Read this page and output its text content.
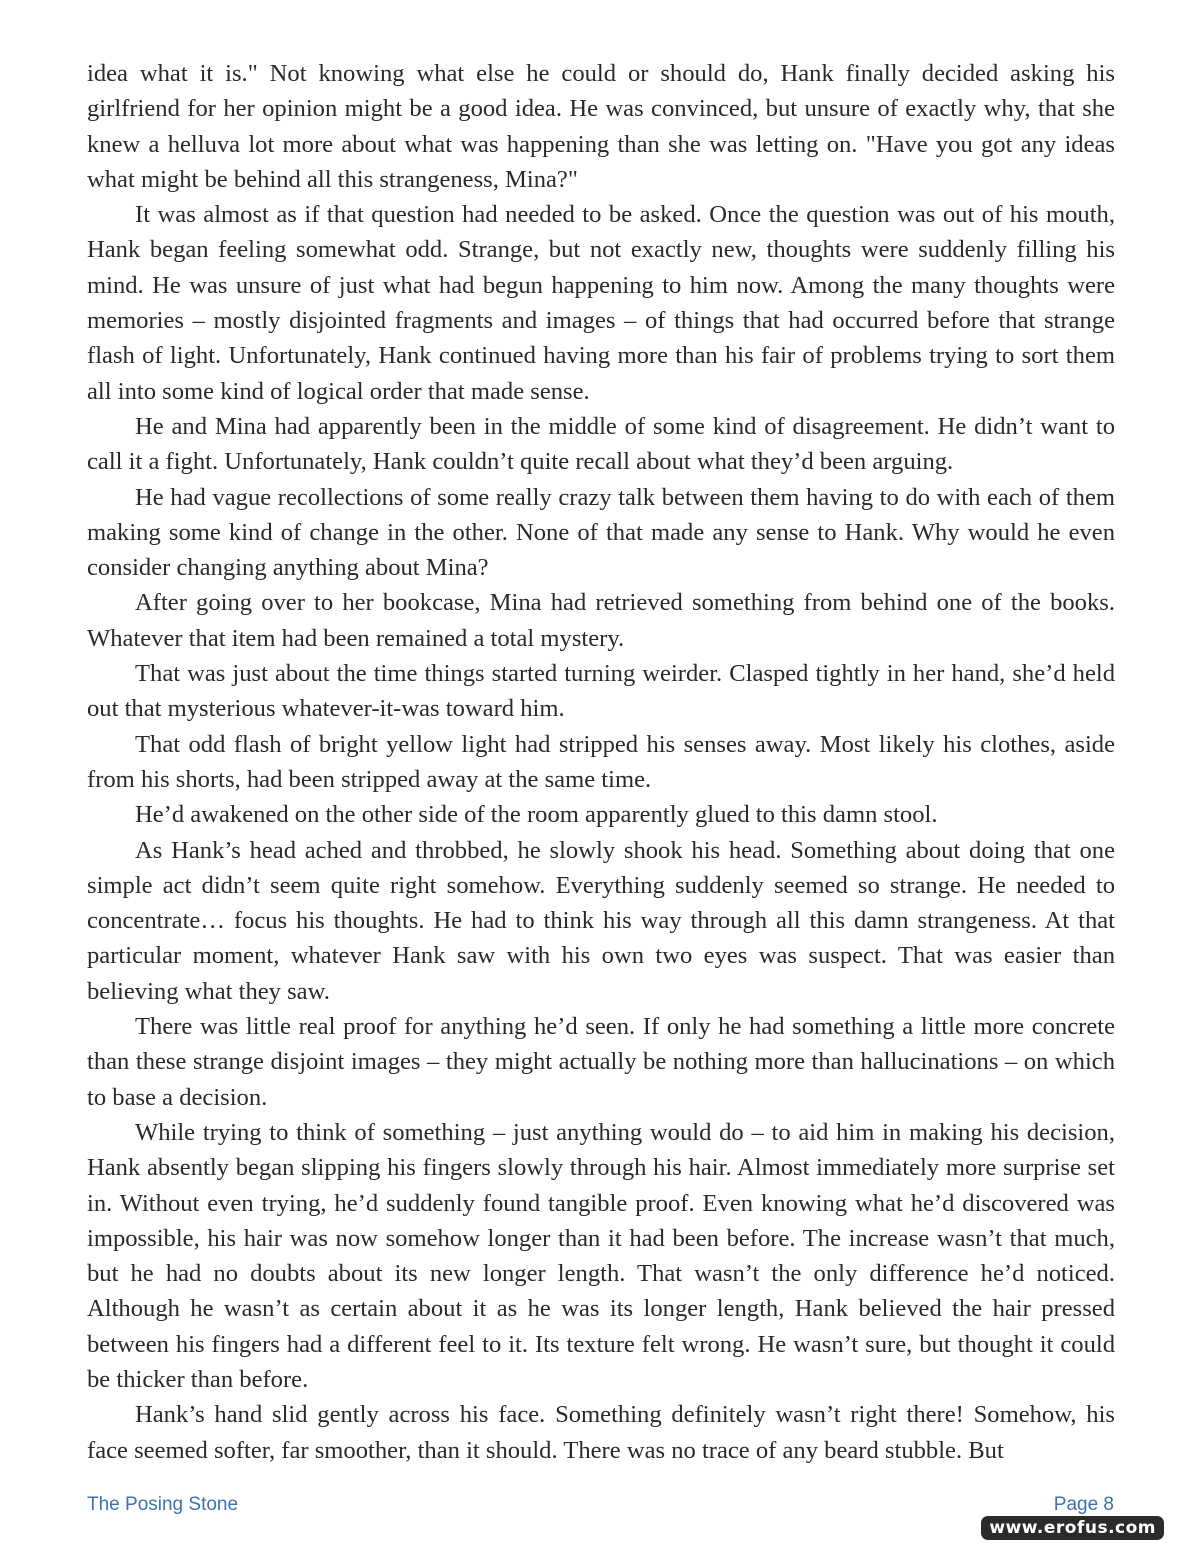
idea what it is." Not knowing what else he could or should do, Hank finally decided asking his girlfriend for her opinion might be a good idea. He was convinced, but unsure of exactly why, that she knew a helluva lot more about what was happening than she was letting on. "Have you got any ideas what might be behind all this strangeness, Mina?"

It was almost as if that question had needed to be asked. Once the question was out of his mouth, Hank began feeling somewhat odd. Strange, but not exactly new, thoughts were suddenly filling his mind. He was unsure of just what had begun happening to him now. Among the many thoughts were memories – mostly disjointed fragments and images – of things that had occurred before that strange flash of light. Unfortunately, Hank continued having more than his fair of problems trying to sort them all into some kind of logical order that made sense.

He and Mina had apparently been in the middle of some kind of disagreement. He didn’t want to call it a fight. Unfortunately, Hank couldn’t quite recall about what they’d been arguing.

He had vague recollections of some really crazy talk between them having to do with each of them making some kind of change in the other. None of that made any sense to Hank. Why would he even consider changing anything about Mina?

After going over to her bookcase, Mina had retrieved something from behind one of the books. Whatever that item had been remained a total mystery.

That was just about the time things started turning weirder. Clasped tightly in her hand, she’d held out that mysterious whatever-it-was toward him.

That odd flash of bright yellow light had stripped his senses away. Most likely his clothes, aside from his shorts, had been stripped away at the same time.

He’d awakened on the other side of the room apparently glued to this damn stool.

As Hank’s head ached and throbbed, he slowly shook his head. Something about doing that one simple act didn’t seem quite right somehow. Everything suddenly seemed so strange. He needed to concentrate… focus his thoughts. He had to think his way through all this damn strangeness. At that particular moment, whatever Hank saw with his own two eyes was suspect. That was easier than believing what they saw.

There was little real proof for anything he’d seen. If only he had something a little more concrete than these strange disjoint images – they might actually be nothing more than hallucinations – on which to base a decision.

While trying to think of something – just anything would do – to aid him in making his decision, Hank absently began slipping his fingers slowly through his hair. Almost immediately more surprise set in. Without even trying, he’d suddenly found tangible proof. Even knowing what he’d discovered was impossible, his hair was now somehow longer than it had been before. The increase wasn’t that much, but he had no doubts about its new longer length. That wasn’t the only difference he’d noticed. Although he wasn’t as certain about it as he was its longer length, Hank believed the hair pressed between his fingers had a different feel to it. Its texture felt wrong. He wasn’t sure, but thought it could be thicker than before.

Hank’s hand slid gently across his face. Something definitely wasn’t right there! Somehow, his face seemed softer, far smoother, than it should. There was no trace of any beard stubble. But

The Posing Stone	Page 8
www.erofus.com
